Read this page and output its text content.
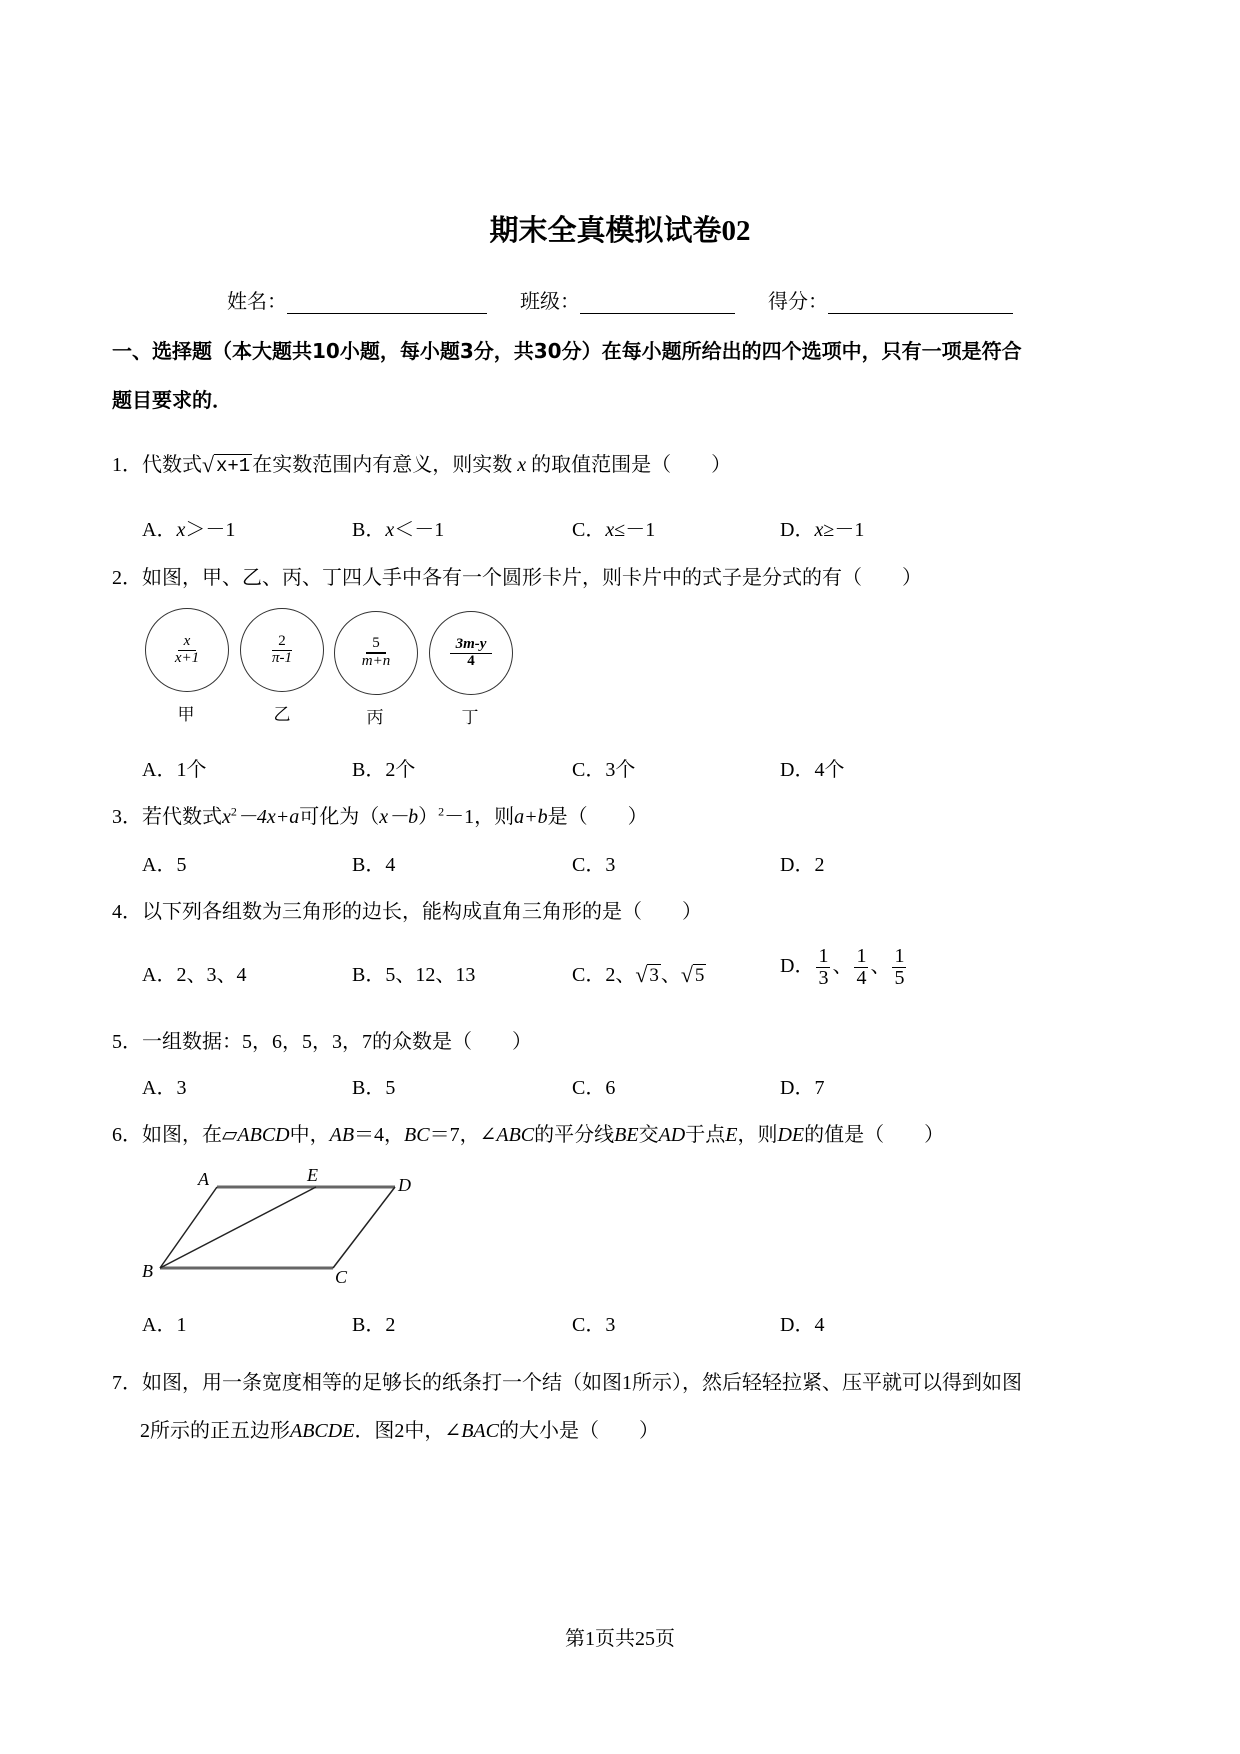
期末全真模拟试卷02
姓名：	班级：	得分：
一、选择题（本大题共10小题，每小题3分，共30分）在每小题所给出的四个选项中，只有一项是符合
题目要求的．
1．代数式 √ x+1 在实数范围内有意义，则实数 x 的取值范围是（　　）
A．x＞－1	B．x＜－1	C．x≤－1	D．x≥－1
2．如图，甲、乙、丙、丁四人手中各有一个圆形卡片，则卡片中的式子是分式的有（　　）
$\frac{x}{x+1}$	$\frac{2}{\pi-1}$	$\frac{5}{m+n}$	$\frac{3m-y}{4}$
甲	乙	丙	丁
A．1个	B．2个	C．3个	D．4个
3．若代数式$x^2-4x+a$可化为$(x-b)^2-1$，则a+b是（　　）
A．5	B．4	C．3	D．2
4．以下列各组数为三角形的边长，能构成直角三角形的是（　　）
A．2、3、4	B．5、12、13	C．2、 √ 3 、 √ 5	D． $\frac{1}{3}$ 、 $\frac{1}{4}$ 、 $\frac{1}{5}$
5．一组数据：5，6，5，3，7的众数是（　　）
A．3	B．5	C．6	D．7
6．如图，在▱ABCD中，AB＝4，BC＝7，∠ABC的平分线BE交AD于点E，则DE的值是（　　）
A	E	D
B	C
A．1	B．2	C．3	D．4
7．如图，用一条宽度相等的足够长的纸条打一个结（如图1所示），然后轻轻拉紧、压平就可以得到如图
2所示的正五边形ABCDE．图2中，∠BAC的大小是（　　）
第1页共25页
